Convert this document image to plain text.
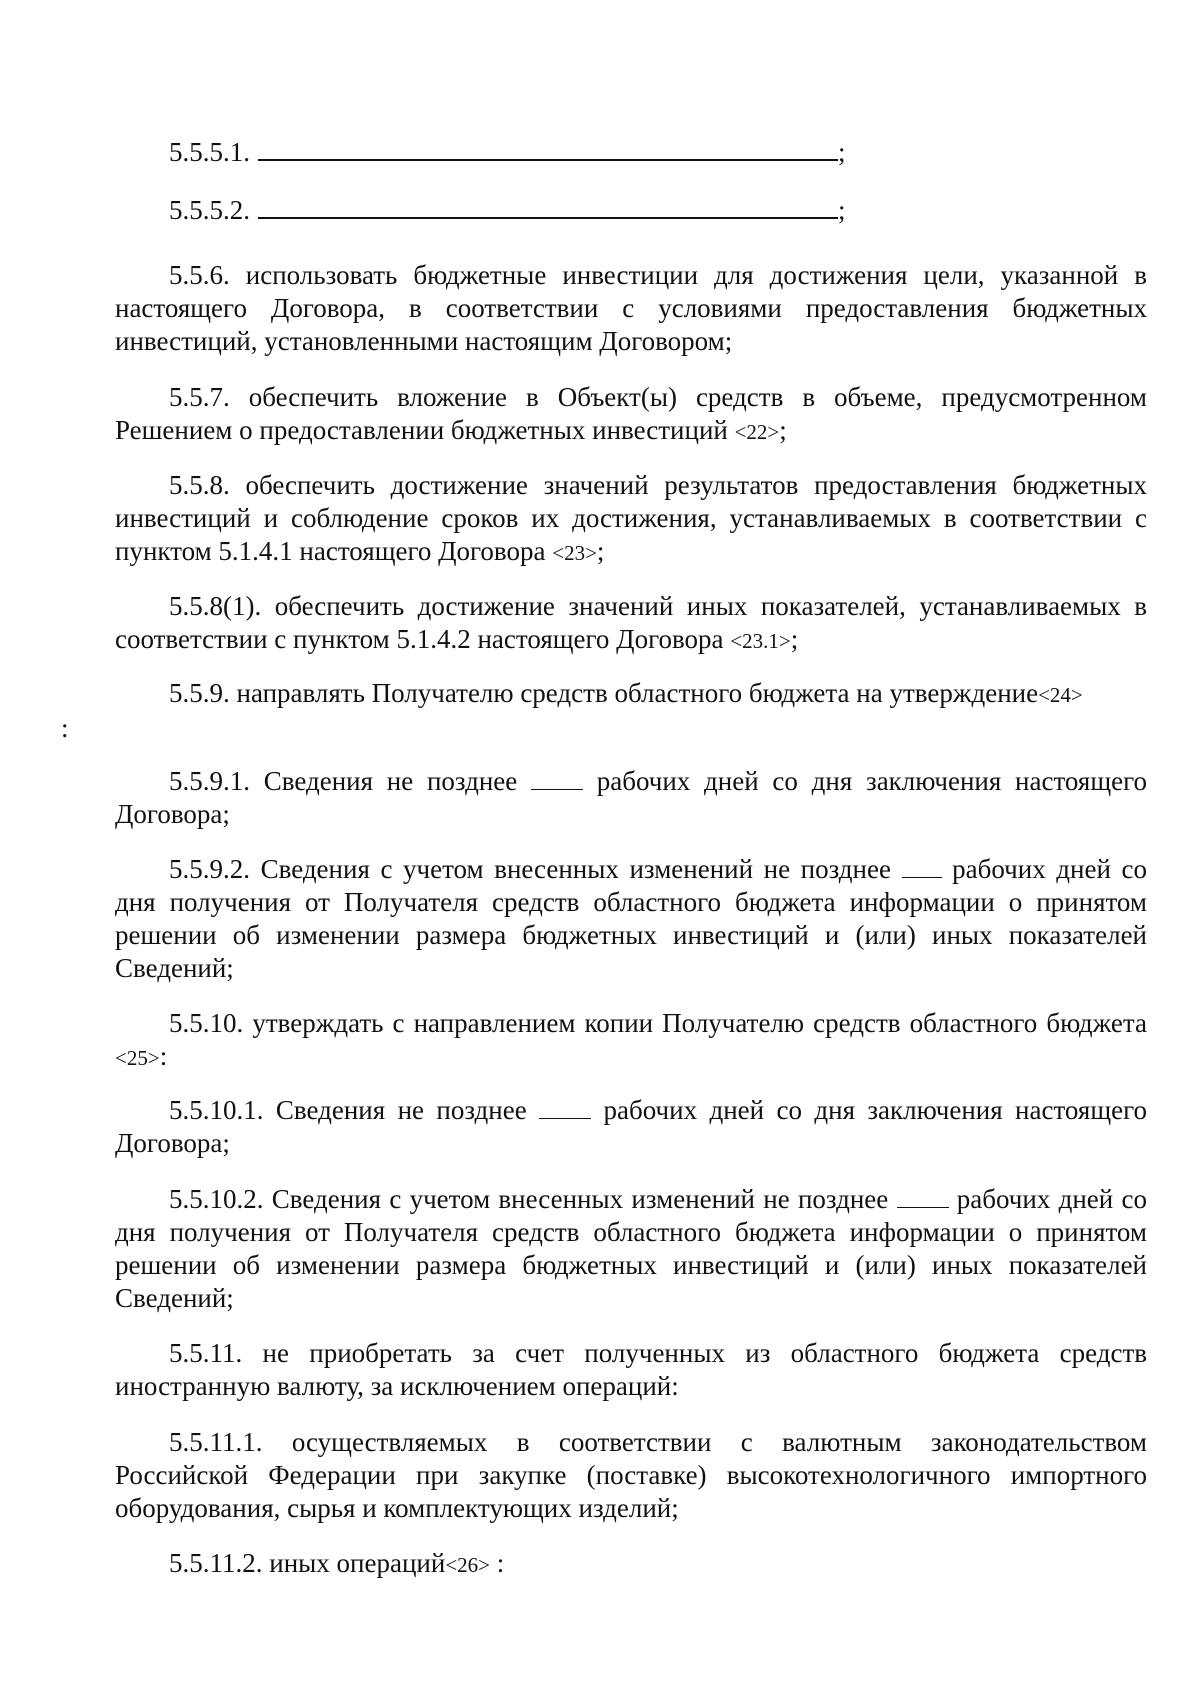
5.5.5.1.	;

5.5.5.2.	;

5.5.6. использовать бюджетные инвестиции для достижения цели, указанной в настоящего Договора, в соответствии с условиями предоставления бюджетных инвестиций, установленными настоящим Договором;

5.5.7. обеспечить вложение в Объект(ы) средств в объеме, предусмотренном Решением о предоставлении бюджетных инвестиций <22>;

5.5.8. обеспечить достижение значений результатов предоставления бюджетных инвестиций и соблюдение сроков их достижения, устанавливаемых в соответствии с пунктом 5.1.4.1 настоящего Договора <23>;

5.5.8(1). обеспечить достижение значений иных показателей, устанавливаемых в соответствии с пунктом 5.1.4.2 настоящего Договора <23.1>;

5.5.9. направлять Получателю средств областного бюджета на утверждение<24>
:

5.5.9.1. Сведения не позднее  рабочих дней со дня заключения настоящего Договора;

5.5.9.2. Сведения с учетом внесенных изменений не позднее  рабочих дней со дня получения от Получателя средств областного бюджета информации о принятом решении об изменении размера бюджетных инвестиций и (или) иных показателей Сведений;

5.5.10. утверждать с направлением копии Получателю средств областного бюджета <25>:

5.5.10.1. Сведения не позднее  рабочих дней со дня заключения настоящего Договора;

5.5.10.2. Сведения с учетом внесенных изменений не позднее  рабочих дней со дня получения от Получателя средств областного бюджета информации о принятом решении об изменении размера бюджетных инвестиций и (или) иных показателей Сведений;

5.5.11. не приобретать за счет полученных из областного бюджета средств иностранную валюту, за исключением операций:

5.5.11.1. осуществляемых в соответствии с валютным законодательством Российской Федерации при закупке (поставке) высокотехнологичного импортного оборудования, сырья и комплектующих изделий;

5.5.11.2. иных операций<26> :
